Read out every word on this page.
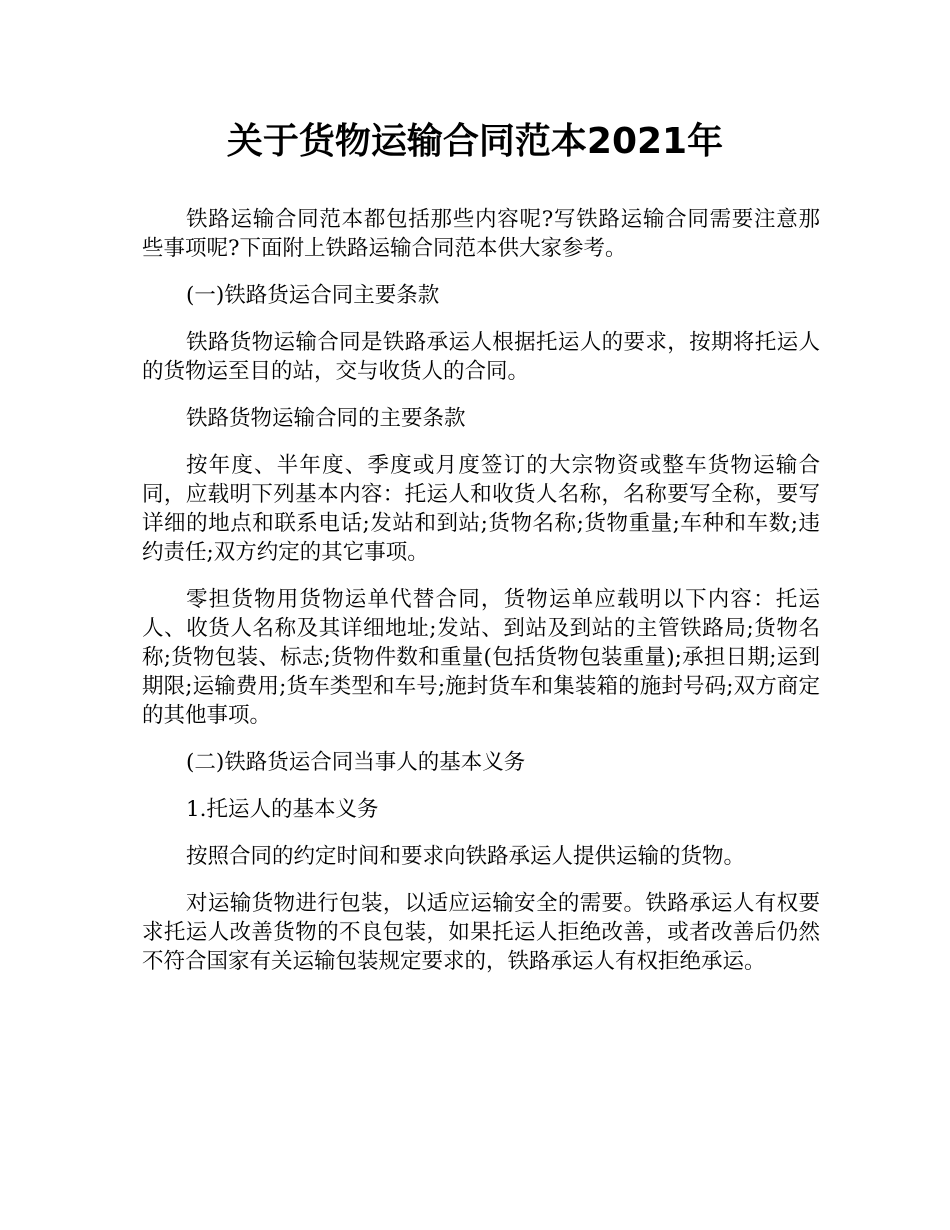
关于货物运输合同范本2021年

铁路运输合同范本都包括那些内容呢?写铁路运输合同需要注意那些事项呢?下面附上铁路运输合同范本供大家参考。

(一)铁路货运合同主要条款

铁路货物运输合同是铁路承运人根据托运人的要求，按期将托运人的货物运至目的站，交与收货人的合同。

铁路货物运输合同的主要条款

按年度、半年度、季度或月度签订的大宗物资或整车货物运输合同，应载明下列基本内容：托运人和收货人名称，名称要写全称，要写详细的地点和联系电话;发站和到站;货物名称;货物重量;车种和车数;违约责任;双方约定的其它事项。

零担货物用货物运单代替合同，货物运单应载明以下内容：托运人、收货人名称及其详细地址;发站、到站及到站的主管铁路局;货物名称;货物包装、标志;货物件数和重量(包括货物包装重量);承担日期;运到期限;运输费用;货车类型和车号;施封货车和集装箱的施封号码;双方商定的其他事项。

(二)铁路货运合同当事人的基本义务

1.托运人的基本义务

按照合同的约定时间和要求向铁路承运人提供运输的货物。

对运输货物进行包装，以适应运输安全的需要。铁路承运人有权要求托运人改善货物的不良包装，如果托运人拒绝改善，或者改善后仍然不符合国家有关运输包装规定要求的，铁路承运人有权拒绝承运。
